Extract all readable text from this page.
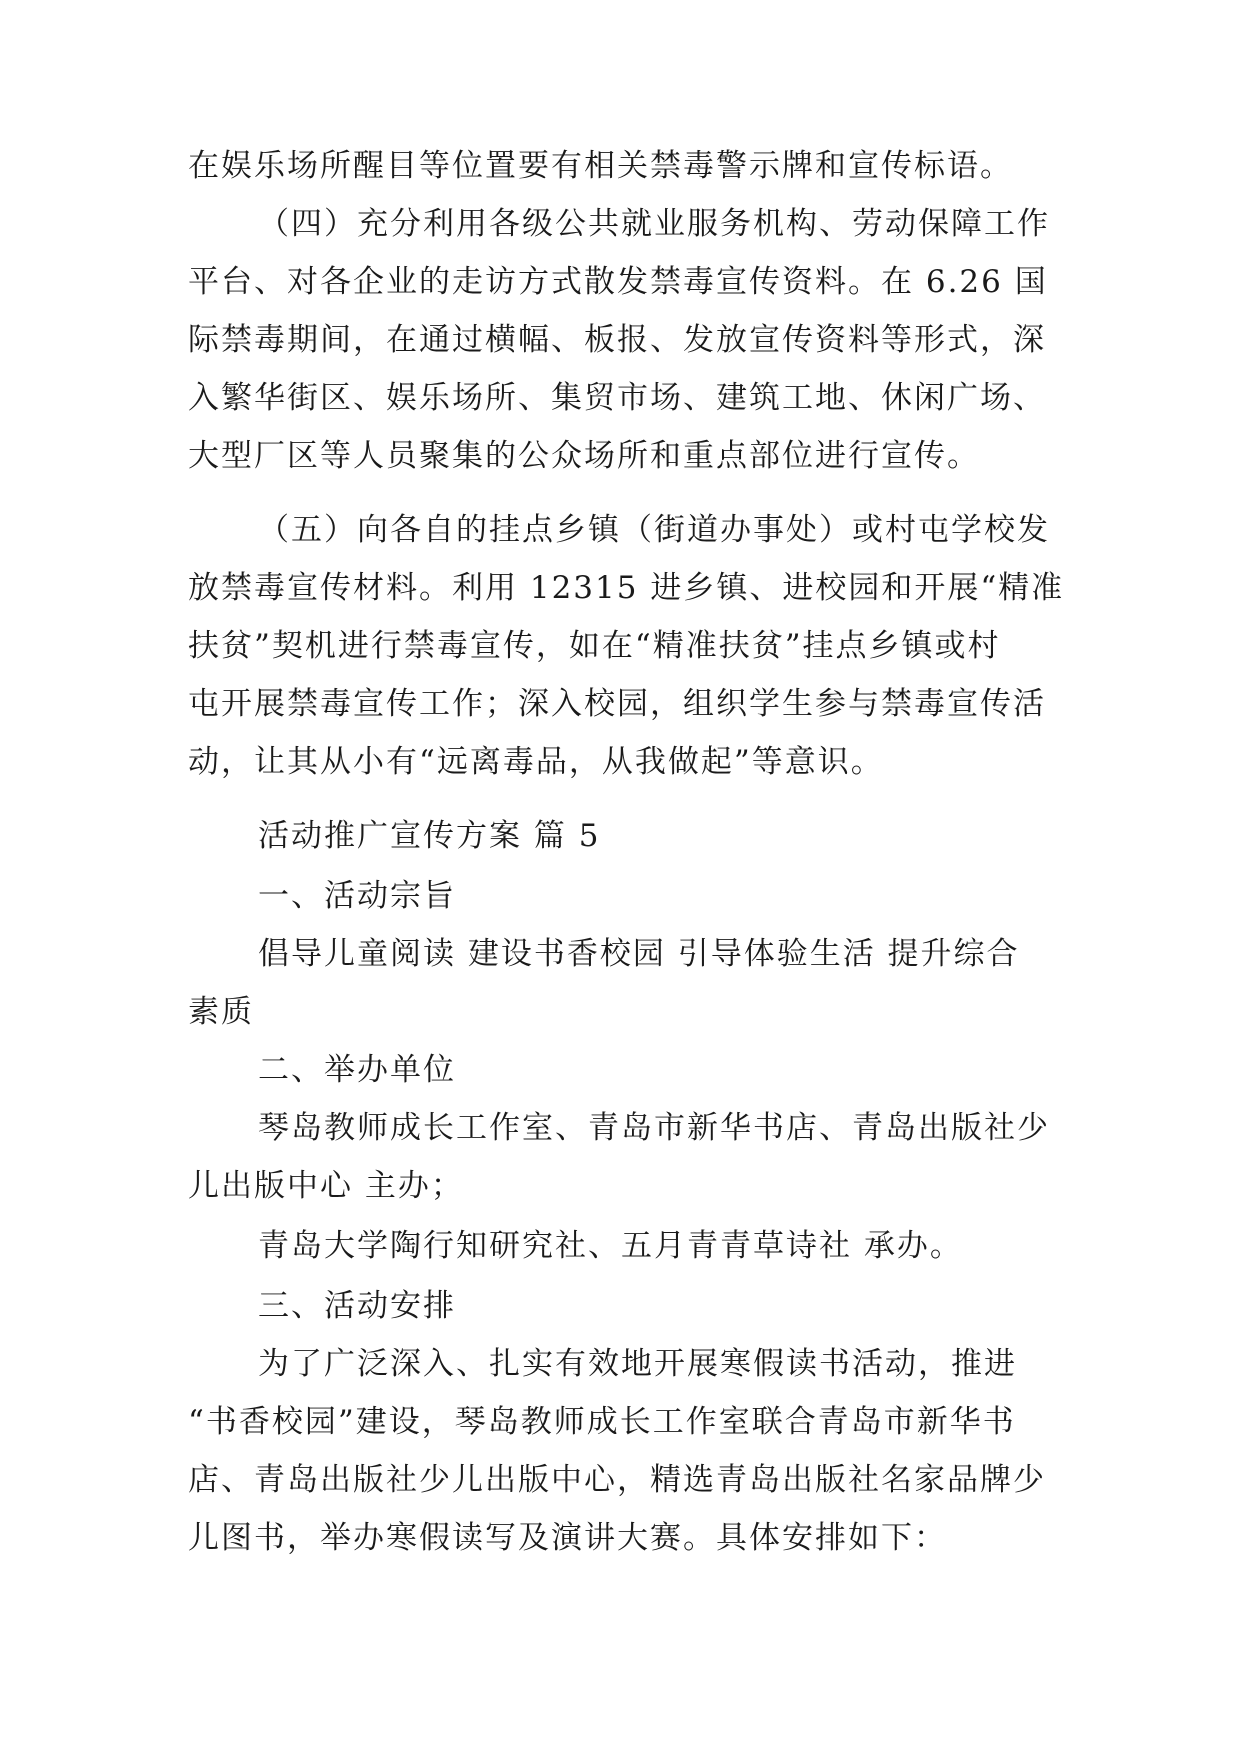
在娱乐场所醒目等位置要有相关禁毒警示牌和宣传标语。
（四）充分利用各级公共就业服务机构、劳动保障工作
平台、对各企业的走访方式散发禁毒宣传资料。在 6.26 国
际禁毒期间，在通过横幅、板报、发放宣传资料等形式，深
入繁华街区、娱乐场所、集贸市场、建筑工地、休闲广场、
大型厂区等人员聚集的公众场所和重点部位进行宣传。
（五）向各自的挂点乡镇（街道办事处）或村屯学校发
放禁毒宣传材料。利用 12315 进乡镇、进校园和开展“精准
扶贫”契机进行禁毒宣传，如在“精准扶贫”挂点乡镇或村
屯开展禁毒宣传工作；深入校园，组织学生参与禁毒宣传活
动，让其从小有“远离毒品，从我做起”等意识。
活动推广宣传方案 篇 5
一、活动宗旨
倡导儿童阅读 建设书香校园 引导体验生活 提升综合
素质
二、举办单位
琴岛教师成长工作室、青岛市新华书店、青岛出版社少
儿出版中心 主办；
青岛大学陶行知研究社、五月青青草诗社 承办。
三、活动安排
为了广泛深入、扎实有效地开展寒假读书活动，推进
“书香校园”建设，琴岛教师成长工作室联合青岛市新华书
店、青岛出版社少儿出版中心，精选青岛出版社名家品牌少
儿图书，举办寒假读写及演讲大赛。具体安排如下：
